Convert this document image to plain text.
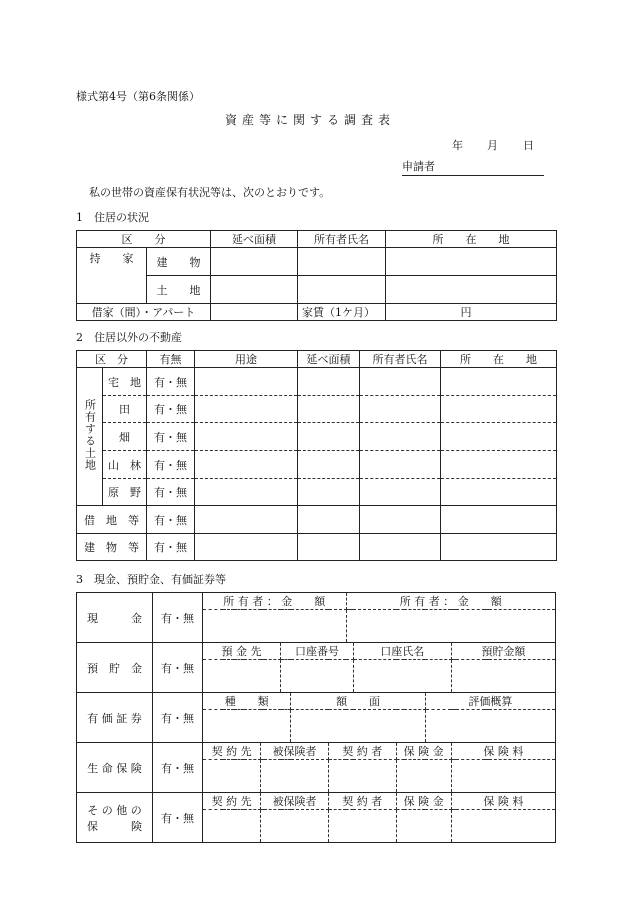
様式第4号（第6条関係）
資産等に関する調査表
年 月 日
申請者
私の世帯の資産保有状況等は、次のとおりです。
1　住居の状況
区　　分		延べ面積	所有者氏名	所　　在　　地
持　　家	建　　物			
	土　　地			
借家（間）・アパート			家賃（1ケ月）	円
2　住居以外の不動産
区　分		有無	用途	延べ面積	所有者氏名	所　　在　　地
所有する土地	宅　地	有・無				
	田	有・無				
	畑	有・無				
	山　林	有・無				
	原　野	有・無				
借　地　等		有・無				
建　物　等		有・無				
3　現金、預貯金、有価証券等
現　　　金	有・無	所 有 者 ： 金　　額					所 有 者 ： 金　　額				

預　貯　金	有・無	預 金 先		口座番号				口座氏名			預貯金額

有 価 証 券	有・無	種　　類			額　　面					評価概算	

生 命 保 険	有・無	契 約 先	被保険者			契 約 者			保 険 金		保 険 料

そ の 他 の
保　　　険	有・無	契 約 先	被保険者			契 約 者			保 険 金		保 険 料
